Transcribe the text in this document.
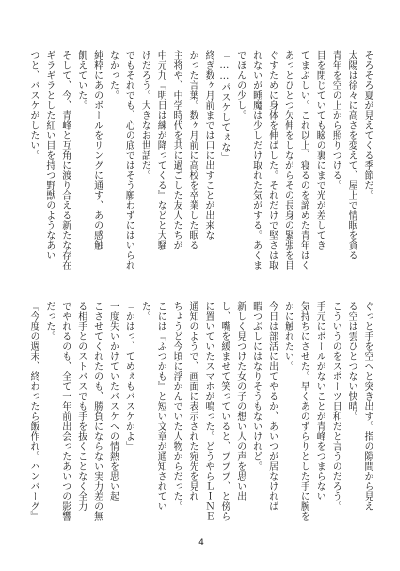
そろそろ夏が見えてくる季節だ。
太陽は徐々に高さを変えて、屋上で情眠を貪る
青年を空の上から照りつける。
目を閉じていても瞼の裏にまで光が差してき
てまぶしい。これ以上、寝るのを諦めた青年はく
あっとひとつ欠伸をしながらその長身の緊張を目
ぐすために身体を伸ばした。それだけで堅さは取
れないが睡魔は少しだけ取れた気がする。あくま
でほんの少し。
「……パスケしてぇな」
終ぎ数ヶ月前までは口に出すことが出来な
かった言葉。数ヶ月前に高校を卒業した眠る
主将や、中学時代を共に過ごした友人たちが
中元九『明日は練が降ってくる』などと大騒
げだろう。大きなお世話だ。
でもそれでも、心の底ではそう願わずにはいられ
なかった。
純粋にあのボールをリングに通す、あの感触
飢えていた。
そして、今、青峰と互角に渡り合える新たな存在
ギラギラとした紅い目を持つ野獣のようなあい
つと、バスケがしたい。
ぐっと手を空へと突き出す。指の隙間から見え
る空は雲ひとつない快晴。
こういうのをスポーツ日和だと言うのだろう。
手元にボールがないことが青峰をつまらない
気持ちにさせた。早くあのずらりとした手に腕を
かに触れたい。
今日は部活に出てやるか、あいつが居なければ
暇つぶしにはなりそうもないけれど。
新しく見つけた女の子の想い人の声を思い出
し、嘴を緩ませて笑っていると、ブブブ、と傍ら
に置いていたスマホが鳴った。どうやらＬＩＮＥ
通知のようで、画面に表示された宛先を見れ
ちょうど今頃に浮かんでいた人物からだった。
こには『ふつかも』と短い文章が通知されてい
た。
「かはっ、てめぇもバスケかよ」
一度失いかけていたバスケへの情熱を思い起
こさせてくれたのも、勝負にならない実力差の無
る相手とのストバスでも手を抜くことなく全力
でやれるのも、全て一年前出会ったあいつの影響
だった。
『今度の週末、終わったら飯作れ。ハンバーグ』
4
